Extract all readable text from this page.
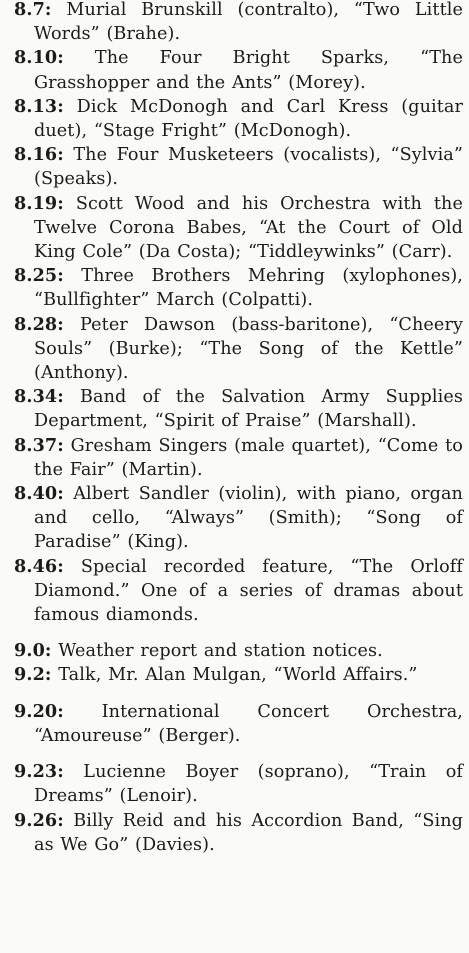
8.7: Murial Brunskill (contralto), “Two Little Words” (Brahe).

8.10: The Four Bright Sparks, “The Grasshopper and the Ants” (Morey).

8.13: Dick McDonogh and Carl Kress (guitar duet), “Stage Fright” (McDonogh).

8.16: The Four Musketeers (vocalists), “Sylvia” (Speaks).

8.19: Scott Wood and his Orchestra with the Twelve Corona Babes, “At the Court of Old King Cole” (Da Costa); “Tiddleywinks” (Carr).

8.25: Three Brothers Mehring (xylophones), “Bullfighter” March (Colpatti).

8.28: Peter Dawson (bass-baritone), “Cheery Souls” (Burke); “The Song of the Kettle” (Anthony).

8.34: Band of the Salvation Army Supplies Department, “Spirit of Praise” (Marshall).

8.37: Gresham Singers (male quartet), “Come to the Fair” (Martin).

8.40: Albert Sandler (violin), with piano, organ and cello, “Always” (Smith); “Song of Paradise” (King).

8.46: Special recorded feature, “The Orloff Diamond.” One of a series of dramas about famous diamonds.

9.0: Weather report and station notices.

9.2: Talk, Mr. Alan Mulgan, “World Affairs.”

9.20: International Concert Orchestra, “Amoureuse” (Berger).

9.23: Lucienne Boyer (soprano), “Train of Dreams” (Lenoir).

9.26: Billy Reid and his Accordion Band, “Sing as We Go” (Davies).
